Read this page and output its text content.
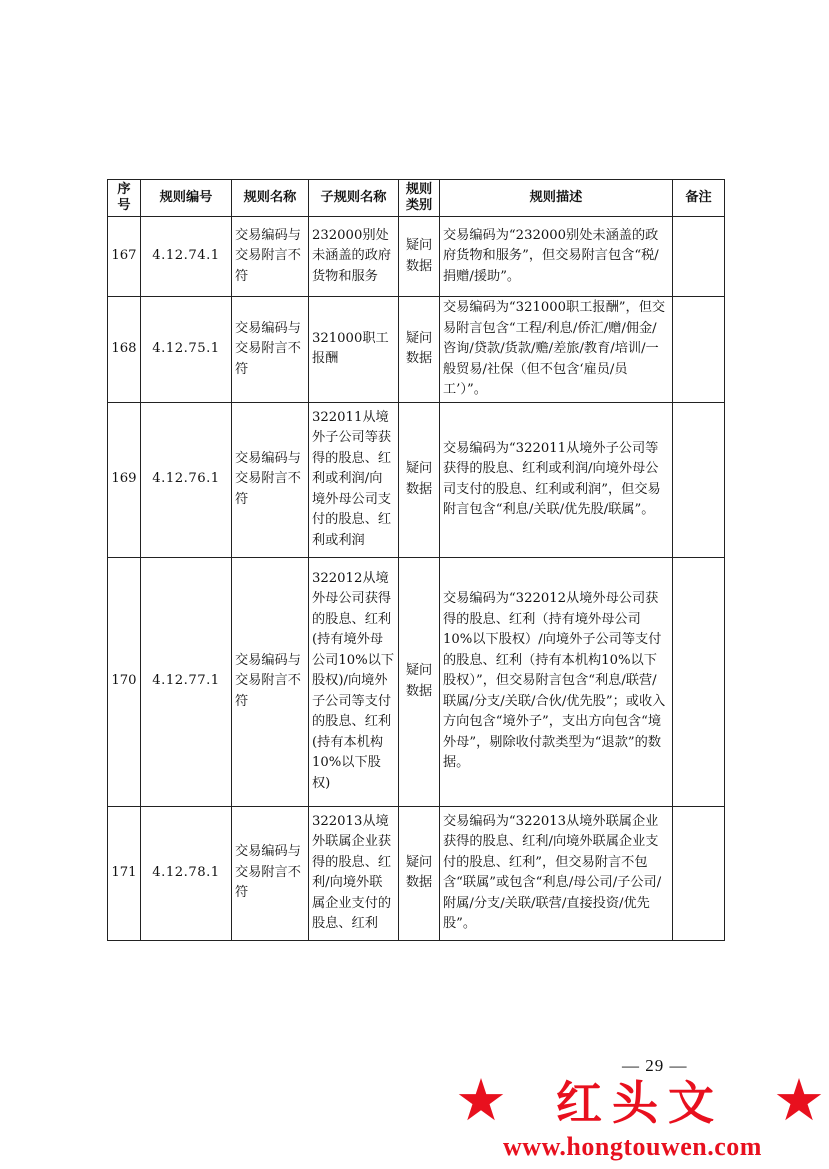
序号	规则编号	规则名称	子规则名称	规则类别	规则描述	备注
167	4.12.74.1	交易编码与交易附言不符	232000别处未涵盖的政府货物和服务	疑问数据	交易编码为“232000别处未涵盖的政府货物和服务”，但交易附言包含“税/捐赠/援助”。	
168	4.12.75.1	交易编码与交易附言不符	321000职工报酬	疑问数据	交易编码为“321000职工报酬”，但交易附言包含“工程/利息/侨汇/赠/佣金/咨询/贷款/货款/赡/差旅/教育/培训/一般贸易/社保（但不包含‘雇员/员工’）”。	
169	4.12.76.1	交易编码与交易附言不符	322011从境外子公司等获得的股息、红利或利润/向境外母公司支付的股息、红利或利润	疑问数据	交易编码为“322011从境外子公司等获得的股息、红利或利润/向境外母公司支付的股息、红利或利润”，但交易附言包含“利息/关联/优先股/联属”。	
170	4.12.77.1	交易编码与交易附言不符	322012从境外母公司获得的股息、红利(持有境外母公司10%以下股权)/向境外子公司等支付的股息、红利(持有本机构10%以下股权)	疑问数据	交易编码为“322012从境外母公司获得的股息、红利（持有境外母公司10%以下股权）/向境外子公司等支付的股息、红利（持有本机构10%以下股权）”，但交易附言包含“利息/联营/联属/分支/关联/合伙/优先股”；或收入方向包含“境外子”，支出方向包含“境外母”，剔除收付款类型为“退款”的数据。	
171	4.12.78.1	交易编码与交易附言不符	322013从境外联属企业获得的股息、红利/向境外联属企业支付的股息、红利	疑问数据	交易编码为“322013从境外联属企业获得的股息、红利/向境外联属企业支付的股息、红利”，但交易附言不包含“联属”或包含“利息/母公司/子公司/附属/分支/关联/联营/直接投资/优先股”。	
— 29 —
★ 红头文 ★
www.hongtouwen.com
